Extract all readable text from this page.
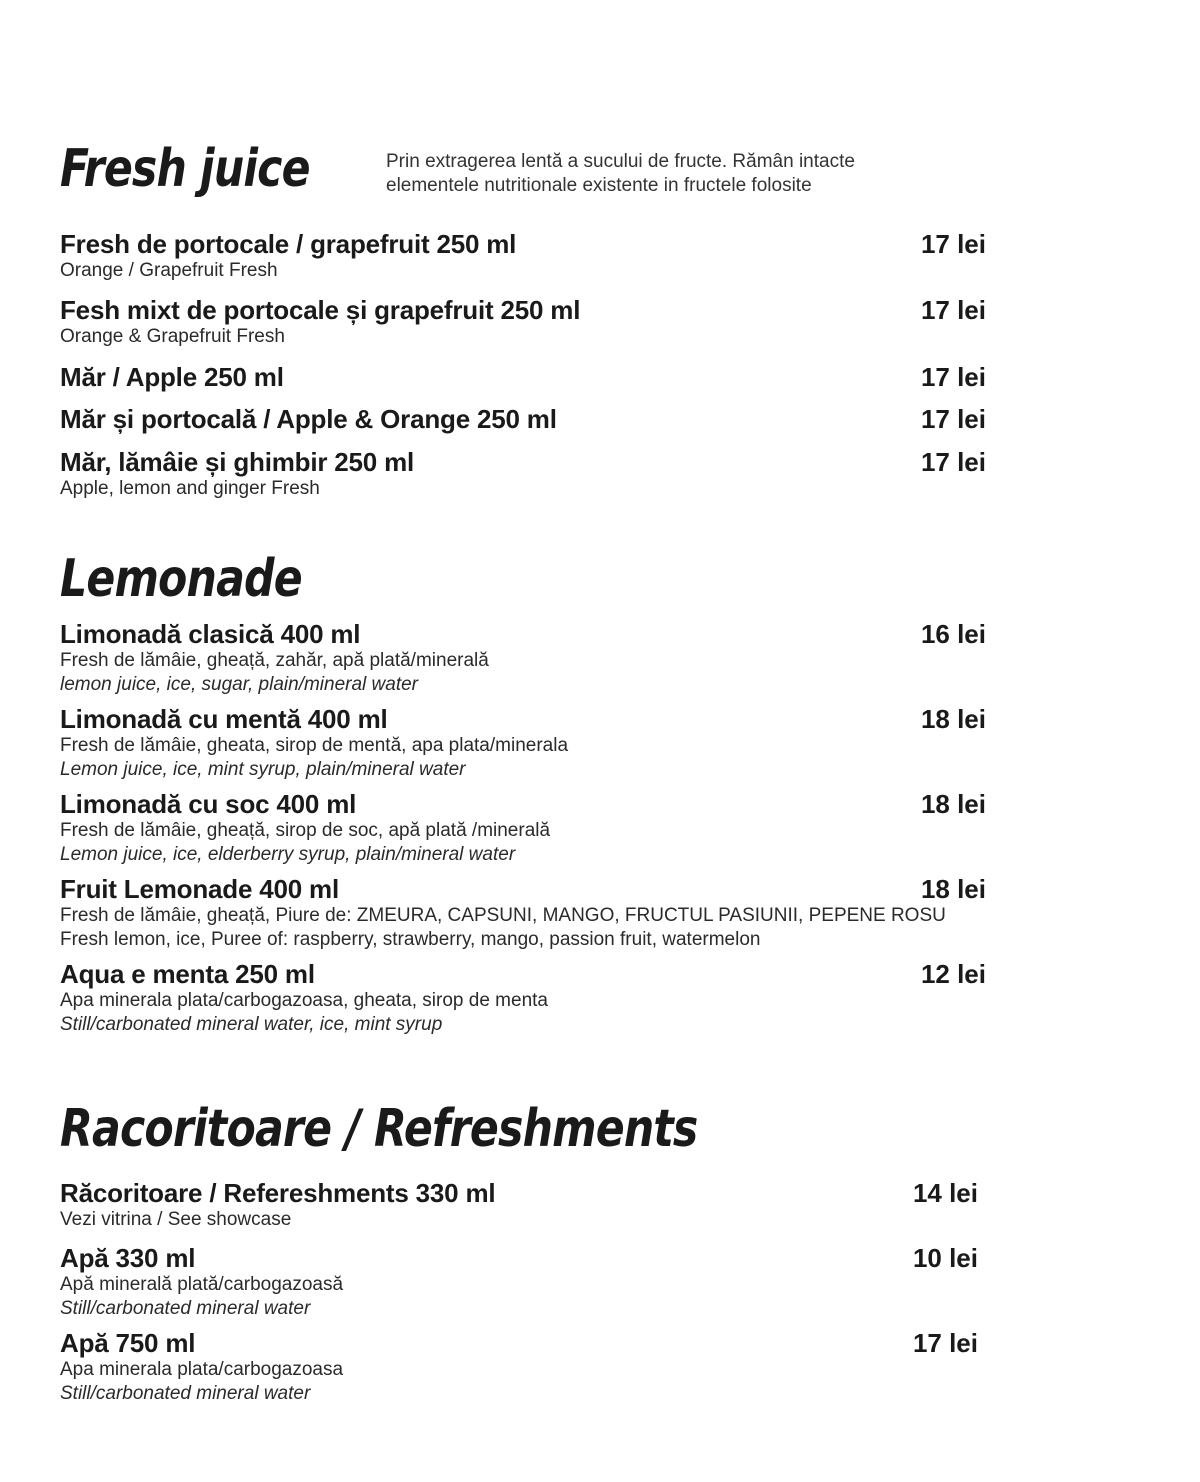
Fresh juice	Prin extragerea lentă a sucului de fructe. Rămân intacte
elementele nutritionale existente in fructele folosite
Fresh de portocale / grapefruit 250 ml	17 lei
Orange / Grapefruit Fresh
Fesh mixt de portocale și grapefruit 250 ml	17 lei
Orange & Grapefruit Fresh
Măr / Apple 250 ml	17 lei
Măr și portocală / Apple & Orange 250 ml	17 lei
Măr, lămâie și ghimbir 250 ml	17 lei
Apple, lemon and ginger Fresh
Lemonade
Limonadă clasică 400 ml	16 lei
Fresh de lămâie, gheață, zahăr, apă plată/minerală
lemon juice, ice, sugar, plain/mineral water
Limonadă cu mentă 400 ml	18 lei
Fresh de lămâie, gheata, sirop de mentă, apa plata/minerala
Lemon juice, ice, mint syrup, plain/mineral water
Limonadă cu soc 400 ml	18 lei
Fresh de lămâie, gheață, sirop de soc, apă plată /minerală
Lemon juice, ice, elderberry syrup, plain/mineral water
Fruit Lemonade 400 ml	18 lei
Fresh de lămâie, gheață, Piure de: ZMEURA, CAPSUNI, MANGO, FRUCTUL PASIUNII, PEPENE ROSU
Fresh lemon, ice, Puree of: raspberry, strawberry, mango, passion fruit, watermelon
Aqua e menta 250 ml	12 lei
Apa minerala plata/carbogazoasa, gheata, sirop de menta
Still/carbonated mineral water, ice, mint syrup
Racoritoare / Refreshments
Răcoritoare / Refereshments 330 ml	14 lei
Vezi vitrina / See showcase
Apă 330 ml	10 lei
Apă minerală plată/carbogazoasă
Still/carbonated mineral water
Apă 750 ml	17 lei
Apa minerala plata/carbogazoasa
Still/carbonated mineral water
